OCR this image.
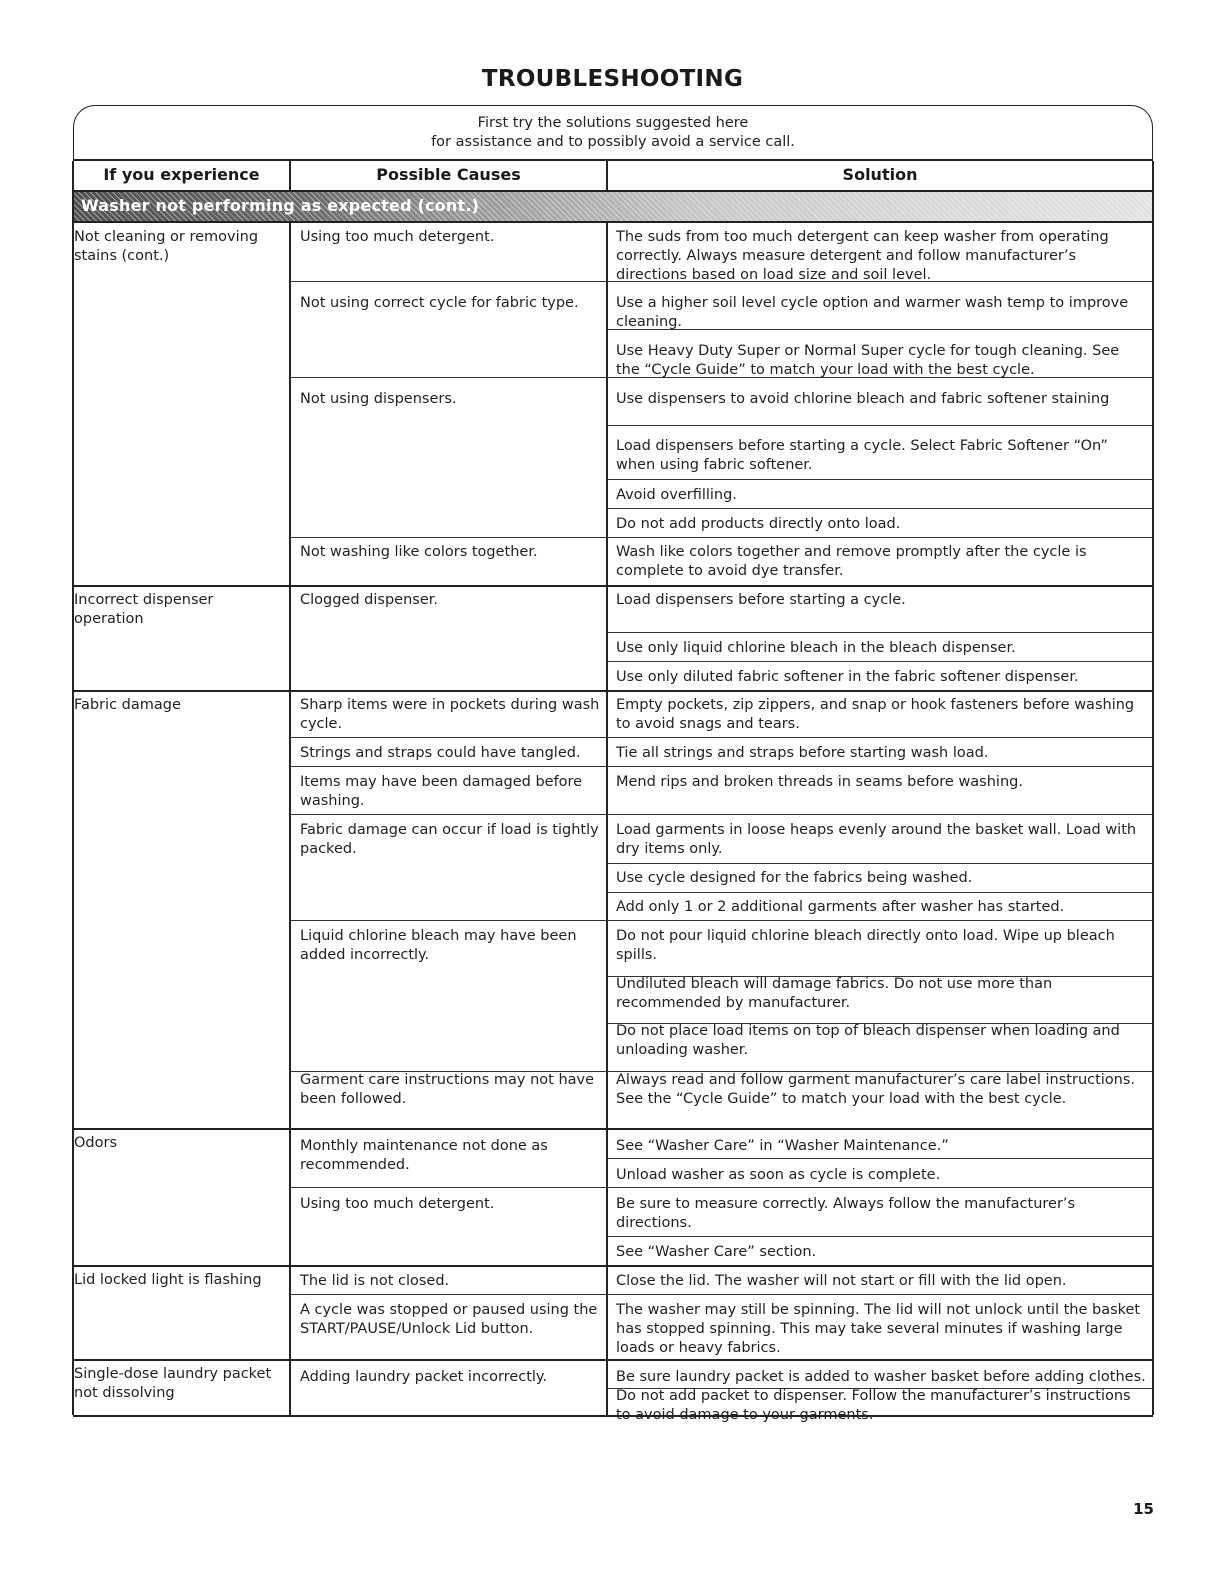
TROUBLESHOOTING
First try the solutions suggested here
for assistance and to possibly avoid a service call.
If you experience	Possible Causes	Solution
Washer not performing as expected (cont.)
Not cleaning or removing stains (cont.)
Incorrect dispenser operation
Fabric damage
Odors
Lid locked light is flashing
Single-dose laundry packet not dissolving
Using too much detergent.
Not using correct cycle for fabric type.
Not using dispensers.
Not washing like colors together.
Clogged dispenser.
Sharp items were in pockets during wash cycle.
Strings and straps could have tangled.
Items may have been damaged before washing.
Fabric damage can occur if load is tightly packed.
Liquid chlorine bleach may have been added incorrectly.
Garment care instructions may not have been followed.
Monthly maintenance not done as recommended.
Using too much detergent.
The lid is not closed.
A cycle was stopped or paused using the START/PAUSE/Unlock Lid button.
Adding laundry packet incorrectly.
The suds from too much detergent can keep washer from operating correctly. Always measure detergent and follow manufacturer’s directions based on load size and soil level.
Use a higher soil level cycle option and warmer wash temp to improve cleaning.
Use Heavy Duty Super or Normal Super cycle for tough cleaning. See the “Cycle Guide” to match your load with the best cycle.
Use dispensers to avoid chlorine bleach and fabric softener staining
Load dispensers before starting a cycle. Select Fabric Softener “On” when using fabric softener.
Avoid overfilling.
Do not add products directly onto load.
Wash like colors together and remove promptly after the cycle is complete to avoid dye transfer.
Load dispensers before starting a cycle.
Use only liquid chlorine bleach in the bleach dispenser.
Use only diluted fabric softener in the fabric softener dispenser.
Empty pockets, zip zippers, and snap or hook fasteners before washing to avoid snags and tears.
Tie all strings and straps before starting wash load.
Mend rips and broken threads in seams before washing.
Load garments in loose heaps evenly around the basket wall. Load with dry items only.
Use cycle designed for the fabrics being washed.
Add only 1 or 2 additional garments after washer has started.
Do not pour liquid chlorine bleach directly onto load. Wipe up bleach spills.
Undiluted bleach will damage fabrics. Do not use more than recommended by manufacturer.
Do not place load items on top of bleach dispenser when loading and unloading washer.
Always read and follow garment manufacturer’s care label instructions. See the “Cycle Guide” to match your load with the best cycle.
See “Washer Care” in “Washer Maintenance.”
Unload washer as soon as cycle is complete.
Be sure to measure correctly. Always follow the manufacturer’s directions.
See “Washer Care” section.
Close the lid. The washer will not start or fill with the lid open.
The washer may still be spinning. The lid will not unlock until the basket has stopped spinning. This may take several minutes if washing large loads or heavy fabrics.
Be sure laundry packet is added to washer basket before adding clothes. Do not add packet to dispenser. Follow the manufacturer’s instructions to avoid damage to your garments.
15
